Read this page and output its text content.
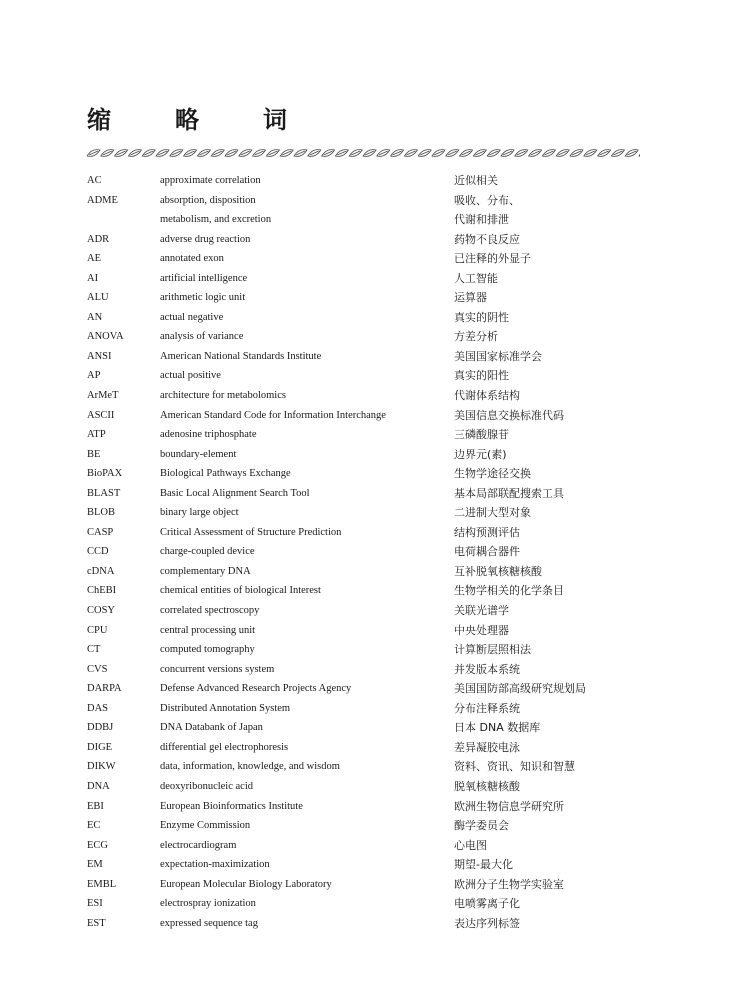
缩　略　词
AC	approximate correlation	近似相关
ADME	absorption, disposition	吸收、分布、
metabolism, and excretion	代谢和排泄
ADR	adverse drug reaction	药物不良反应
AE	annotated exon	已注释的外显子
AI	artificial intelligence	人工智能
ALU	arithmetic logic unit	运算器
AN	actual negative	真实的阴性
ANOVA	analysis of variance	方差分析
ANSI	American National Standards Institute	美国国家标准学会
AP	actual positive	真实的阳性
ArMeT	architecture for metabolomics	代谢体系结构
ASCII	American Standard Code for Information Interchange	美国信息交换标准代码
ATP	adenosine triphosphate	三磷酸腺苷
BE	boundary-element	边界元(素)
BioPAX	Biological Pathways Exchange	生物学途径交换
BLAST	Basic Local Alignment Search Tool	基本局部联配搜索工具
BLOB	binary large object	二进制大型对象
CASP	Critical Assessment of Structure Prediction	结构预测评估
CCD	charge-coupled device	电荷耦合器件
cDNA	complementary DNA	互补脱氧核糖核酸
ChEBI	chemical entities of biological Interest	生物学相关的化学条目
COSY	correlated spectroscopy	关联光谱学
CPU	central processing unit	中央处理器
CT	computed tomography	计算断层照相法
CVS	concurrent versions system	并发版本系统
DARPA	Defense Advanced Research Projects Agency	美国国防部高级研究规划局
DAS	Distributed Annotation System	分布注释系统
DDBJ	DNA Databank of Japan	日本 DNA 数据库
DIGE	differential gel electrophoresis	差异凝胶电泳
DIKW	data, information, knowledge, and wisdom	资料、资讯、知识和智慧
DNA	deoxyribonucleic acid	脱氧核糖核酸
EBI	European Bioinformatics Institute	欧洲生物信息学研究所
EC	Enzyme Commission	酶学委员会
ECG	electrocardiogram	心电图
EM	expectation-maximization	期望-最大化
EMBL	European Molecular Biology Laboratory	欧洲分子生物学实验室
ESI	electrospray ionization	电喷雾离子化
EST	expressed sequence tag	表达序列标签
